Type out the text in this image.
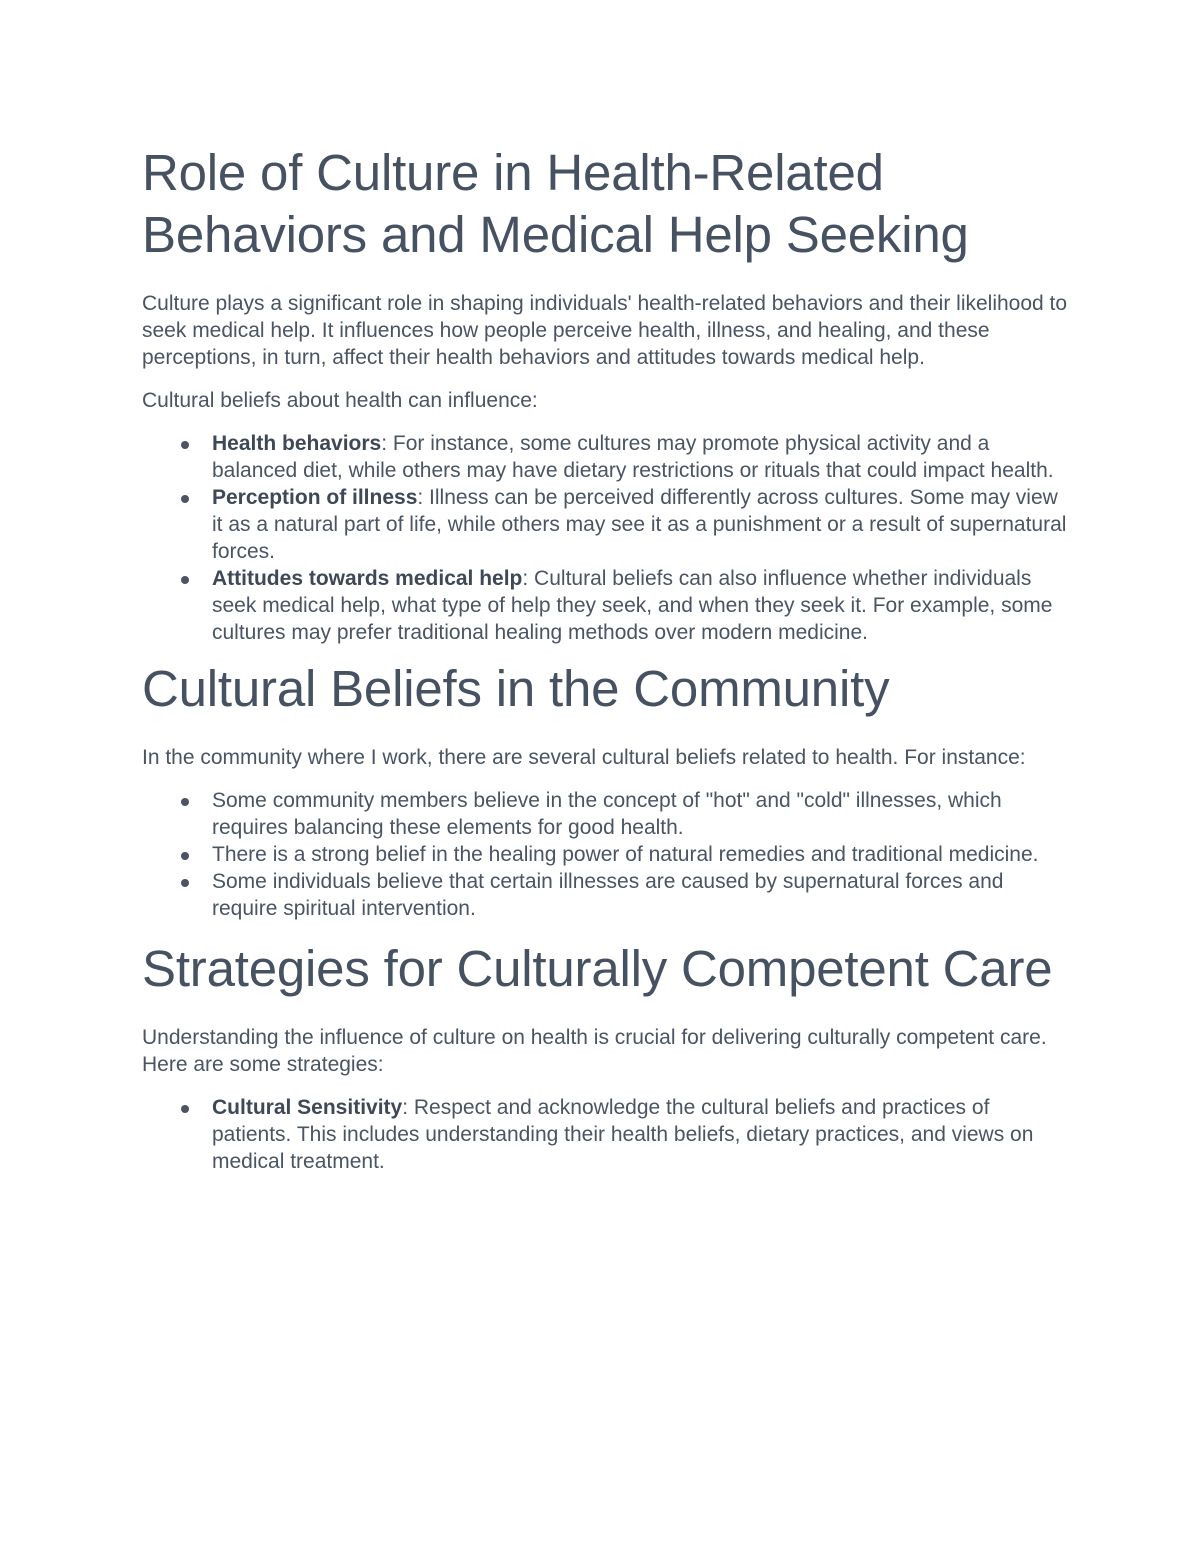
Role of Culture in Health-Related Behaviors and Medical Help Seeking

Culture plays a significant role in shaping individuals' health-related behaviors and their likelihood to seek medical help. It influences how people perceive health, illness, and healing, and these perceptions, in turn, affect their health behaviors and attitudes towards medical help.

Cultural beliefs about health can influence:

Health behaviors: For instance, some cultures may promote physical activity and a balanced diet, while others may have dietary restrictions or rituals that could impact health.
Perception of illness: Illness can be perceived differently across cultures. Some may view it as a natural part of life, while others may see it as a punishment or a result of supernatural forces.
Attitudes towards medical help: Cultural beliefs can also influence whether individuals seek medical help, what type of help they seek, and when they seek it. For example, some cultures may prefer traditional healing methods over modern medicine.
Cultural Beliefs in the Community

In the community where I work, there are several cultural beliefs related to health. For instance:

Some community members believe in the concept of "hot" and "cold" illnesses, which requires balancing these elements for good health.
There is a strong belief in the healing power of natural remedies and traditional medicine.
Some individuals believe that certain illnesses are caused by supernatural forces and require spiritual intervention.
Strategies for Culturally Competent Care

Understanding the influence of culture on health is crucial for delivering culturally competent care. Here are some strategies:

Cultural Sensitivity: Respect and acknowledge the cultural beliefs and practices of patients. This includes understanding their health beliefs, dietary practices, and views on medical treatment.
